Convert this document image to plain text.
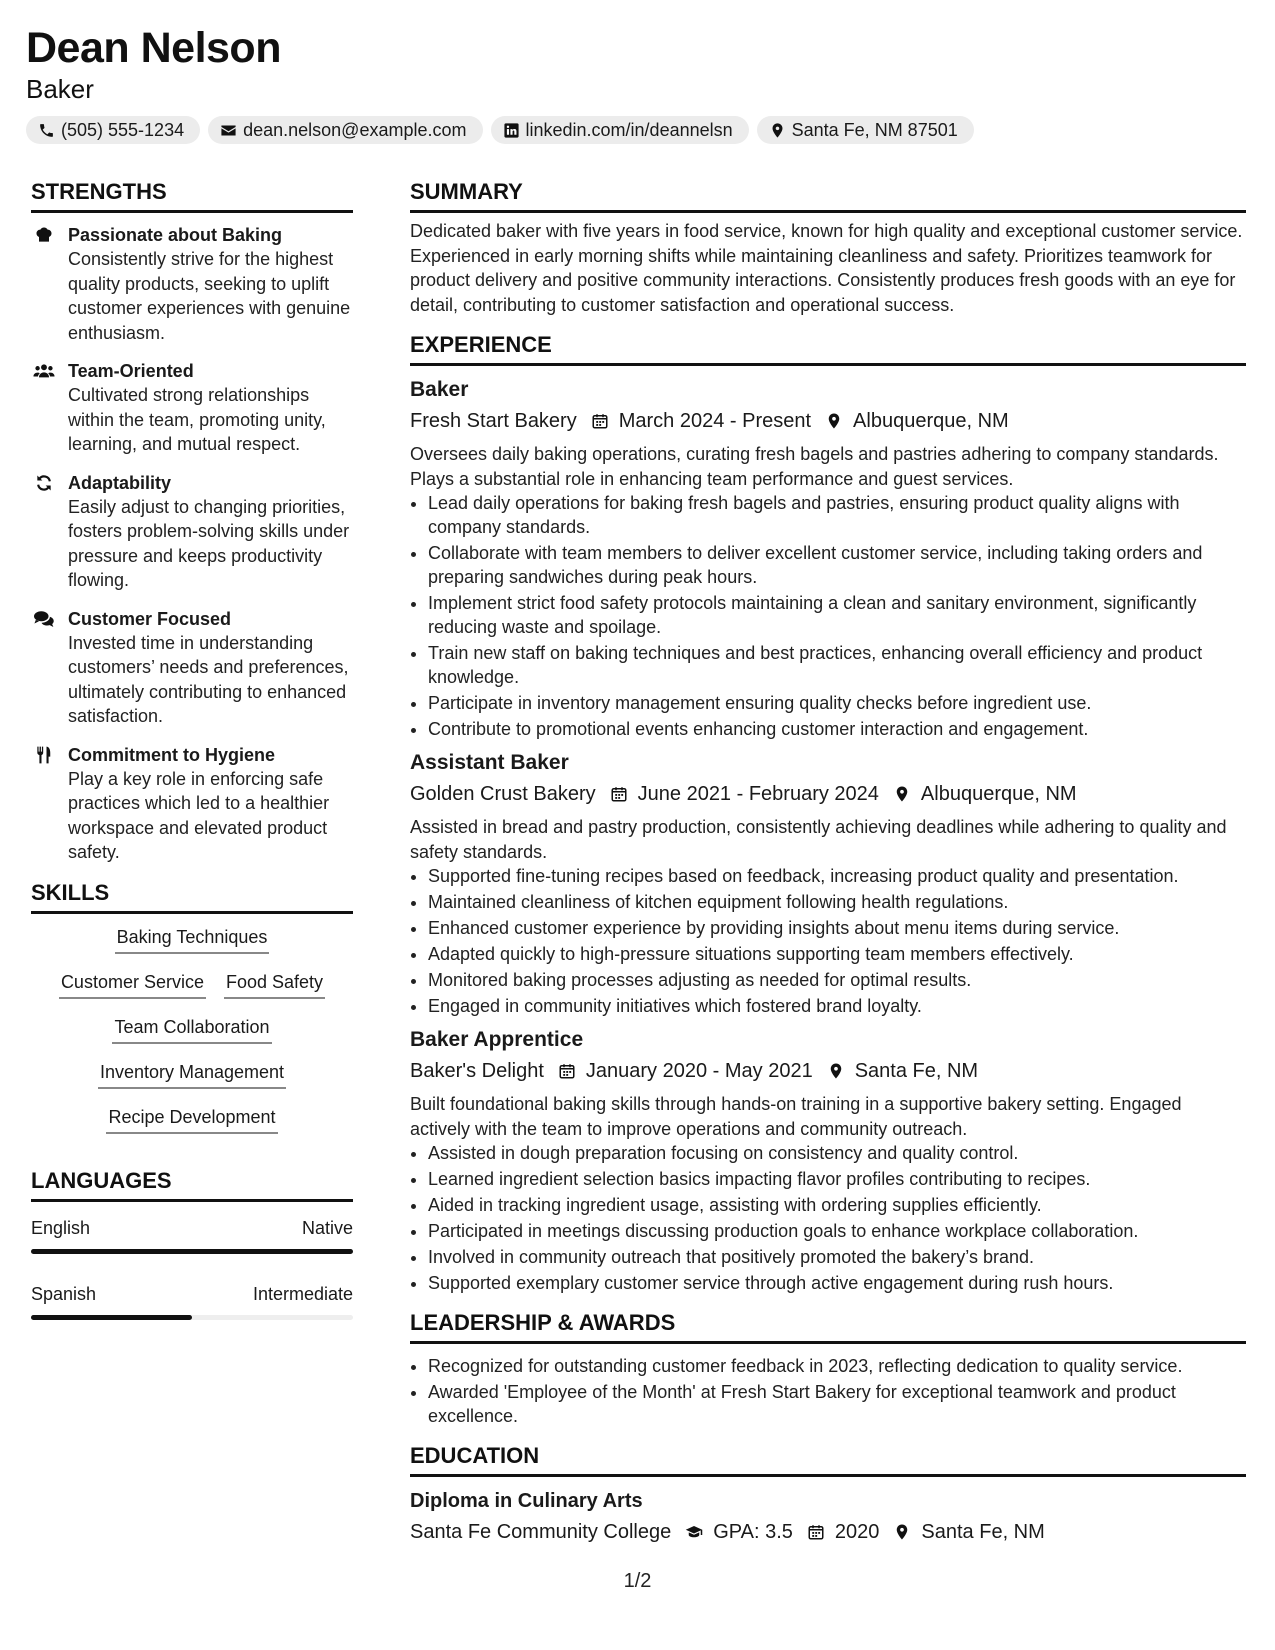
Dean Nelson
Baker
(505) 555-1234	dean.nelson@example.com	linkedin.com/in/deannelsn	Santa Fe, NM 87501
STRENGTHS
Passionate about Baking
Consistently strive for the highest quality products, seeking to uplift customer experiences with genuine enthusiasm.
Team-Oriented
Cultivated strong relationships within the team, promoting unity, learning, and mutual respect.
Adaptability
Easily adjust to changing priorities, fosters problem-solving skills under pressure and keeps productivity flowing.
Customer Focused
Invested time in understanding customers’ needs and preferences, ultimately contributing to enhanced satisfaction.
Commitment to Hygiene
Play a key role in enforcing safe practices which led to a healthier workspace and elevated product safety.
SKILLS
Baking Techniques
Customer Service Food Safety
Team Collaboration
Inventory Management
Recipe Development
LANGUAGES
English	Native
Spanish	Intermediate
SUMMARY
Dedicated baker with five years in food service, known for high quality and exceptional customer service. Experienced in early morning shifts while maintaining cleanliness and safety. Prioritizes teamwork for product delivery and positive community interactions. Consistently produces fresh goods with an eye for detail, contributing to customer satisfaction and operational success.
EXPERIENCE
Baker
Fresh Start Bakery March 2024 - Present Albuquerque, NM
Oversees daily baking operations, curating fresh bagels and pastries adhering to company standards. Plays a substantial role in enhancing team performance and guest services.
• Lead daily operations for baking fresh bagels and pastries, ensuring product quality aligns with company standards.
• Collaborate with team members to deliver excellent customer service, including taking orders and preparing sandwiches during peak hours.
• Implement strict food safety protocols maintaining a clean and sanitary environment, significantly reducing waste and spoilage.
• Train new staff on baking techniques and best practices, enhancing overall efficiency and product knowledge.
• Participate in inventory management ensuring quality checks before ingredient use.
• Contribute to promotional events enhancing customer interaction and engagement.
Assistant Baker
Golden Crust Bakery June 2021 - February 2024 Albuquerque, NM
Assisted in bread and pastry production, consistently achieving deadlines while adhering to quality and safety standards.
• Supported fine-tuning recipes based on feedback, increasing product quality and presentation.
• Maintained cleanliness of kitchen equipment following health regulations.
• Enhanced customer experience by providing insights about menu items during service.
• Adapted quickly to high-pressure situations supporting team members effectively.
• Monitored baking processes adjusting as needed for optimal results.
• Engaged in community initiatives which fostered brand loyalty.
Baker Apprentice
Baker's Delight January 2020 - May 2021 Santa Fe, NM
Built foundational baking skills through hands-on training in a supportive bakery setting. Engaged actively with the team to improve operations and community outreach.
• Assisted in dough preparation focusing on consistency and quality control.
• Learned ingredient selection basics impacting flavor profiles contributing to recipes.
• Aided in tracking ingredient usage, assisting with ordering supplies efficiently.
• Participated in meetings discussing production goals to enhance workplace collaboration.
• Involved in community outreach that positively promoted the bakery’s brand.
• Supported exemplary customer service through active engagement during rush hours.
LEADERSHIP & AWARDS
• Recognized for outstanding customer feedback in 2023, reflecting dedication to quality service.
• Awarded 'Employee of the Month' at Fresh Start Bakery for exceptional teamwork and product excellence.
EDUCATION
Diploma in Culinary Arts
Santa Fe Community College GPA: 3.5 2020 Santa Fe, NM
1/2
